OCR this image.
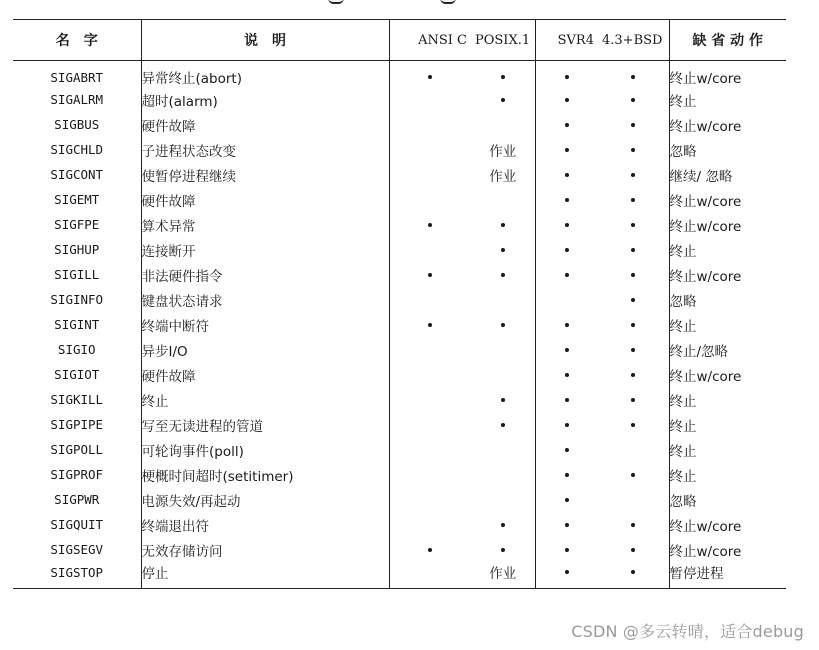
名　字	说　明	ANSI C	POSIX.1	SVR4	4.3+BSD	缺 省 动 作
SIGABRT	异常终止(abort)					终止w/core
SIGALRM	超时(alarm)					终止
SIGBUS	硬件故障					终止w/core
SIGCHLD	子进程状态改变		作业			忽略
SIGCONT	使暂停进程继续		作业			继续/ 忽略
SIGEMT	硬件故障					终止w/core
SIGFPE	算术异常					终止w/core
SIGHUP	连接断开					终止
SIGILL	非法硬件指令					终止w/core
SIGINFO	键盘状态请求					忽略
SIGINT	终端中断符					终止
SIGIO	异步I/O					终止/忽略
SIGIOT	硬件故障					终止w/core
SIGKILL	终止					终止
SIGPIPE	写至无读进程的管道					终止
SIGPOLL	可轮询事件(poll)					终止
SIGPROF	梗概时间超时(setitimer)					终止
SIGPWR	电源失效/再起动					忽略
SIGQUIT	终端退出符					终止w/core
SIGSEGV	无效存储访问					终止w/core
SIGSTOP	停止		作业			暂停进程
CSDN @多云转晴，适合debug
